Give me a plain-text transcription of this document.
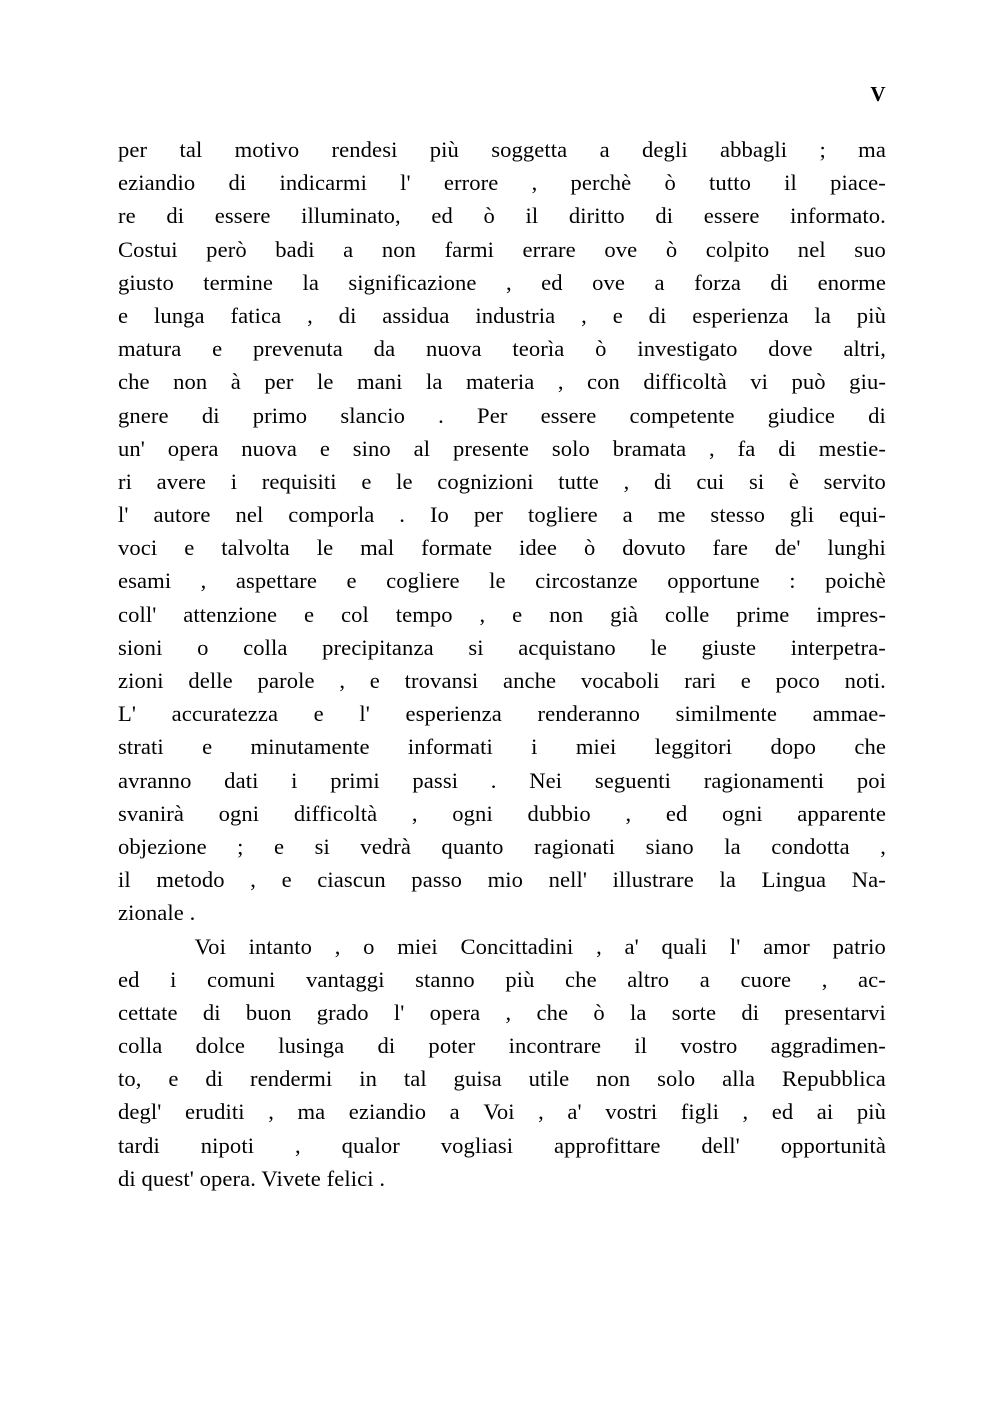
V
per tal motivo rendesi più soggetta a degli abbagli ; ma
eziandio di indicarmi l' errore , perchè ò tutto il piace-
re di essere illuminato, ed ò il diritto di essere informato.
Costui però badi a non farmi errare ove ò colpito nel suo
giusto termine la significazione , ed ove a forza di enorme
e lunga fatica , di assidua industria , e di esperienza la più
matura e prevenuta da nuova teorìa ò investigato dove altri,
che non à per le mani la materia , con difficoltà vi può giu-
gnere di primo slancio . Per essere competente giudice di
un' opera nuova e sino al presente solo bramata , fa di mestie-
ri avere i requisiti e le cognizioni tutte , di cui si è servito
l' autore nel comporla . Io per togliere a me stesso gli equi-
voci e talvolta le mal formate idee ò dovuto fare de' lunghi
esami , aspettare e cogliere le circostanze opportune : poichè
coll' attenzione e col tempo , e non già colle prime impres-
sioni o colla precipitanza si acquistano le giuste interpetra-
zioni delle parole , e trovansi anche vocaboli rari e poco noti.
L' accuratezza e l' esperienza renderanno similmente ammae-
strati e minutamente informati i miei leggitori dopo che
avranno dati i primi passi . Nei seguenti ragionamenti poi
svanirà ogni difficoltà , ogni dubbio , ed ogni apparente
objezione ; e si vedrà quanto ragionati siano la condotta ,
il metodo , e ciascun passo mio nell' illustrare la Lingua Na-
zionale .
Voi intanto , o miei Concittadini , a' quali l' amor patrio
ed i comuni vantaggi stanno più che altro a cuore , ac-
cettate di buon grado l' opera , che ò la sorte di presentarvi
colla dolce lusinga di poter incontrare il vostro aggradimen-
to, e di rendermi in tal guisa utile non solo alla Repubblica
degl' eruditi , ma eziandio a Voi , a' vostri figli , ed ai più
tardi nipoti , qualor vogliasi approfittare dell' opportunità
di quest' opera. Vivete felici .
